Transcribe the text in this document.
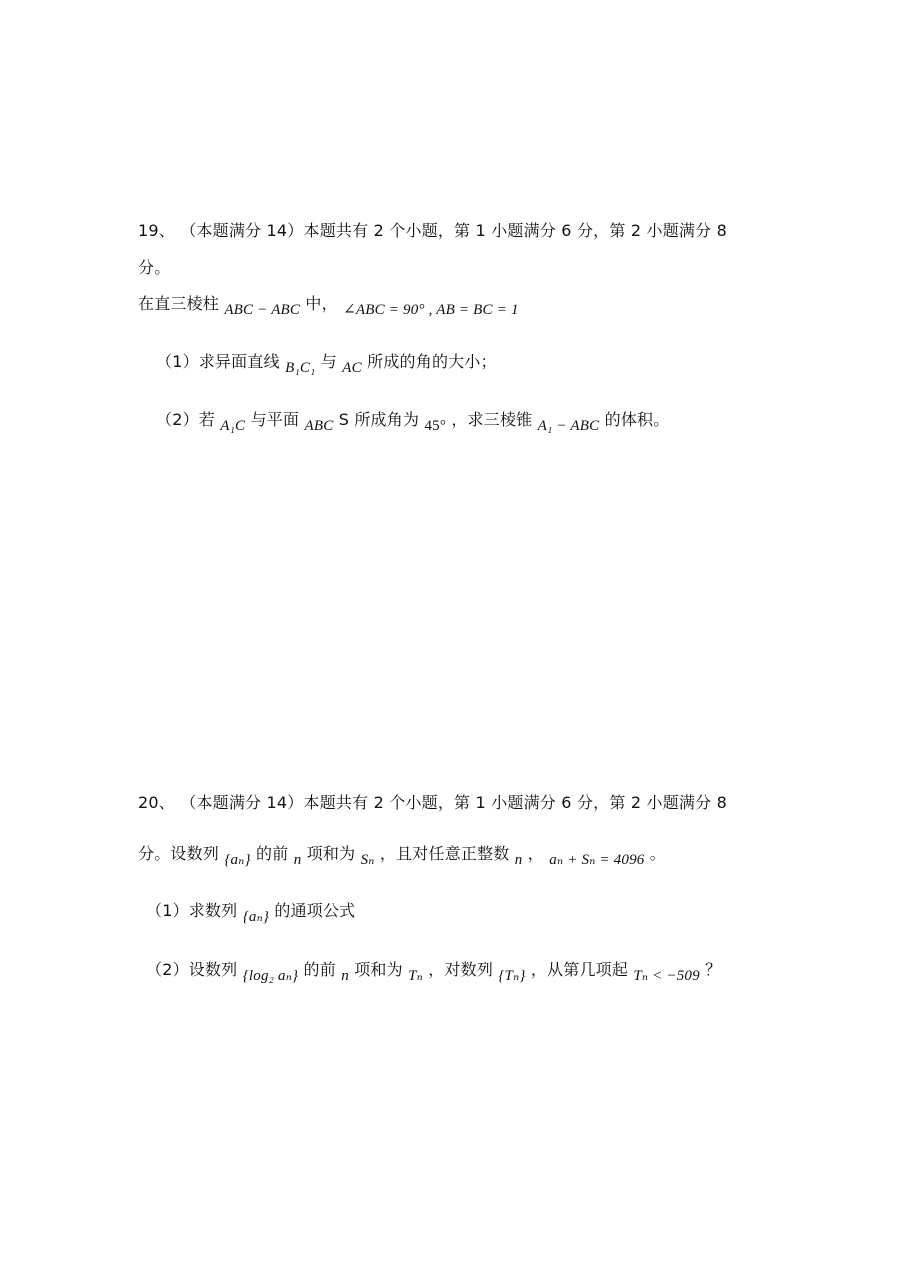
19、 （本题满分 14）本题共有 2 个小题，第 1 小题满分 6 分，第 2 小题满分 8
分。
在直三棱柱 ABC − ABC 中， ∠ABC = 90° , AB = BC = 1
（1）求异面直线 B₁C₁ 与 AC 所成的角的大小；
（2）若 A₁C 与平面 ABC S 所成角为 45° ，求三棱锥 A₁ − ABC 的体积。
20、 （本题满分 14）本题共有 2 个小题，第 1 小题满分 6 分，第 2 小题满分 8
分。设数列 {aₙ} 的前 n 项和为 Sₙ ，且对任意正整数 n ， aₙ + Sₙ = 4096 。
（1）求数列 {aₙ} 的通项公式
（2）设数列 {log₂ aₙ} 的前 n 项和为 Tₙ ，对数列 {Tₙ} ，从第几项起 Tₙ < −509 ？
